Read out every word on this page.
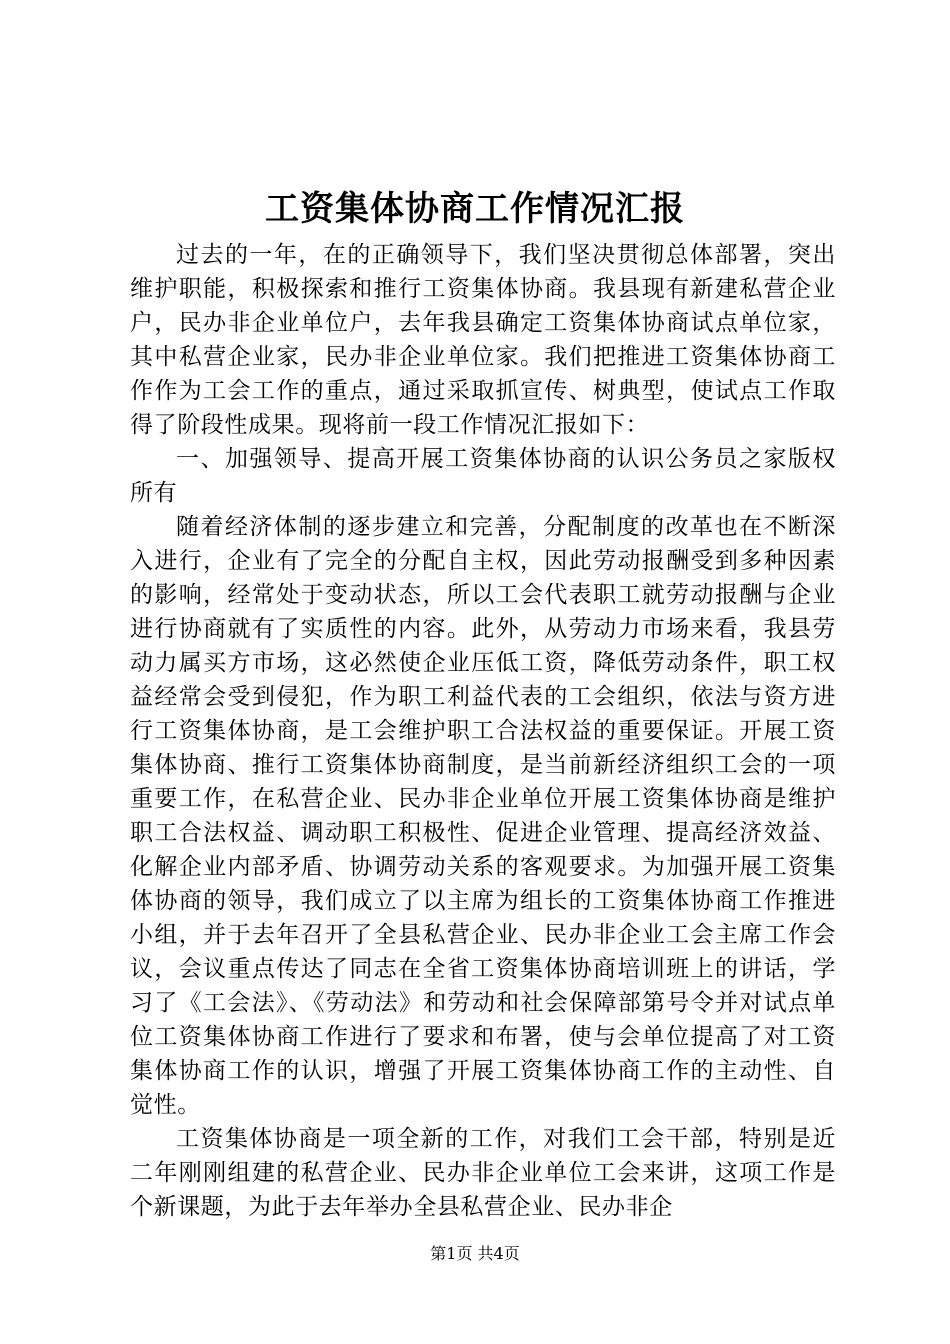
工资集体协商工作情况汇报

过去的一年，在的正确领导下，我们坚决贯彻总体部署，突出维护职能，积极探索和推行工资集体协商。我县现有新建私营企业户，民办非企业单位户，去年我县确定工资集体协商试点单位家，其中私营企业家，民办非企业单位家。我们把推进工资集体协商工作作为工会工作的重点，通过采取抓宣传、树典型，使试点工作取得了阶段性成果。现将前一段工作情况汇报如下：

一、加强领导、提高开展工资集体协商的认识公务员之家版权所有

随着经济体制的逐步建立和完善，分配制度的改革也在不断深入进行，企业有了完全的分配自主权，因此劳动报酬受到多种因素的影响，经常处于变动状态，所以工会代表职工就劳动报酬与企业进行协商就有了实质性的内容。此外，从劳动力市场来看，我县劳动力属买方市场，这必然使企业压低工资，降低劳动条件，职工权益经常会受到侵犯，作为职工利益代表的工会组织，依法与资方进行工资集体协商，是工会维护职工合法权益的重要保证。开展工资集体协商、推行工资集体协商制度，是当前新经济组织工会的一项重要工作，在私营企业、民办非企业单位开展工资集体协商是维护职工合法权益、调动职工积极性、促进企业管理、提高经济效益、化解企业内部矛盾、协调劳动关系的客观要求。为加强开展工资集体协商的领导，我们成立了以主席为组长的工资集体协商工作推进小组，并于去年召开了全县私营企业、民办非企业工会主席工作会议，会议重点传达了同志在全省工资集体协商培训班上的讲话，学习了《工会法》、《劳动法》和劳动和社会保障部第号令并对试点单位工资集体协商工作进行了要求和布署，使与会单位提高了对工资集体协商工作的认识，增强了开展工资集体协商工作的主动性、自觉性。

工资集体协商是一项全新的工作，对我们工会干部，特别是近二年刚刚组建的私营企业、民办非企业单位工会来讲，这项工作是个新课题，为此于去年举办全县私营企业、民办非企

第1页 共4页
